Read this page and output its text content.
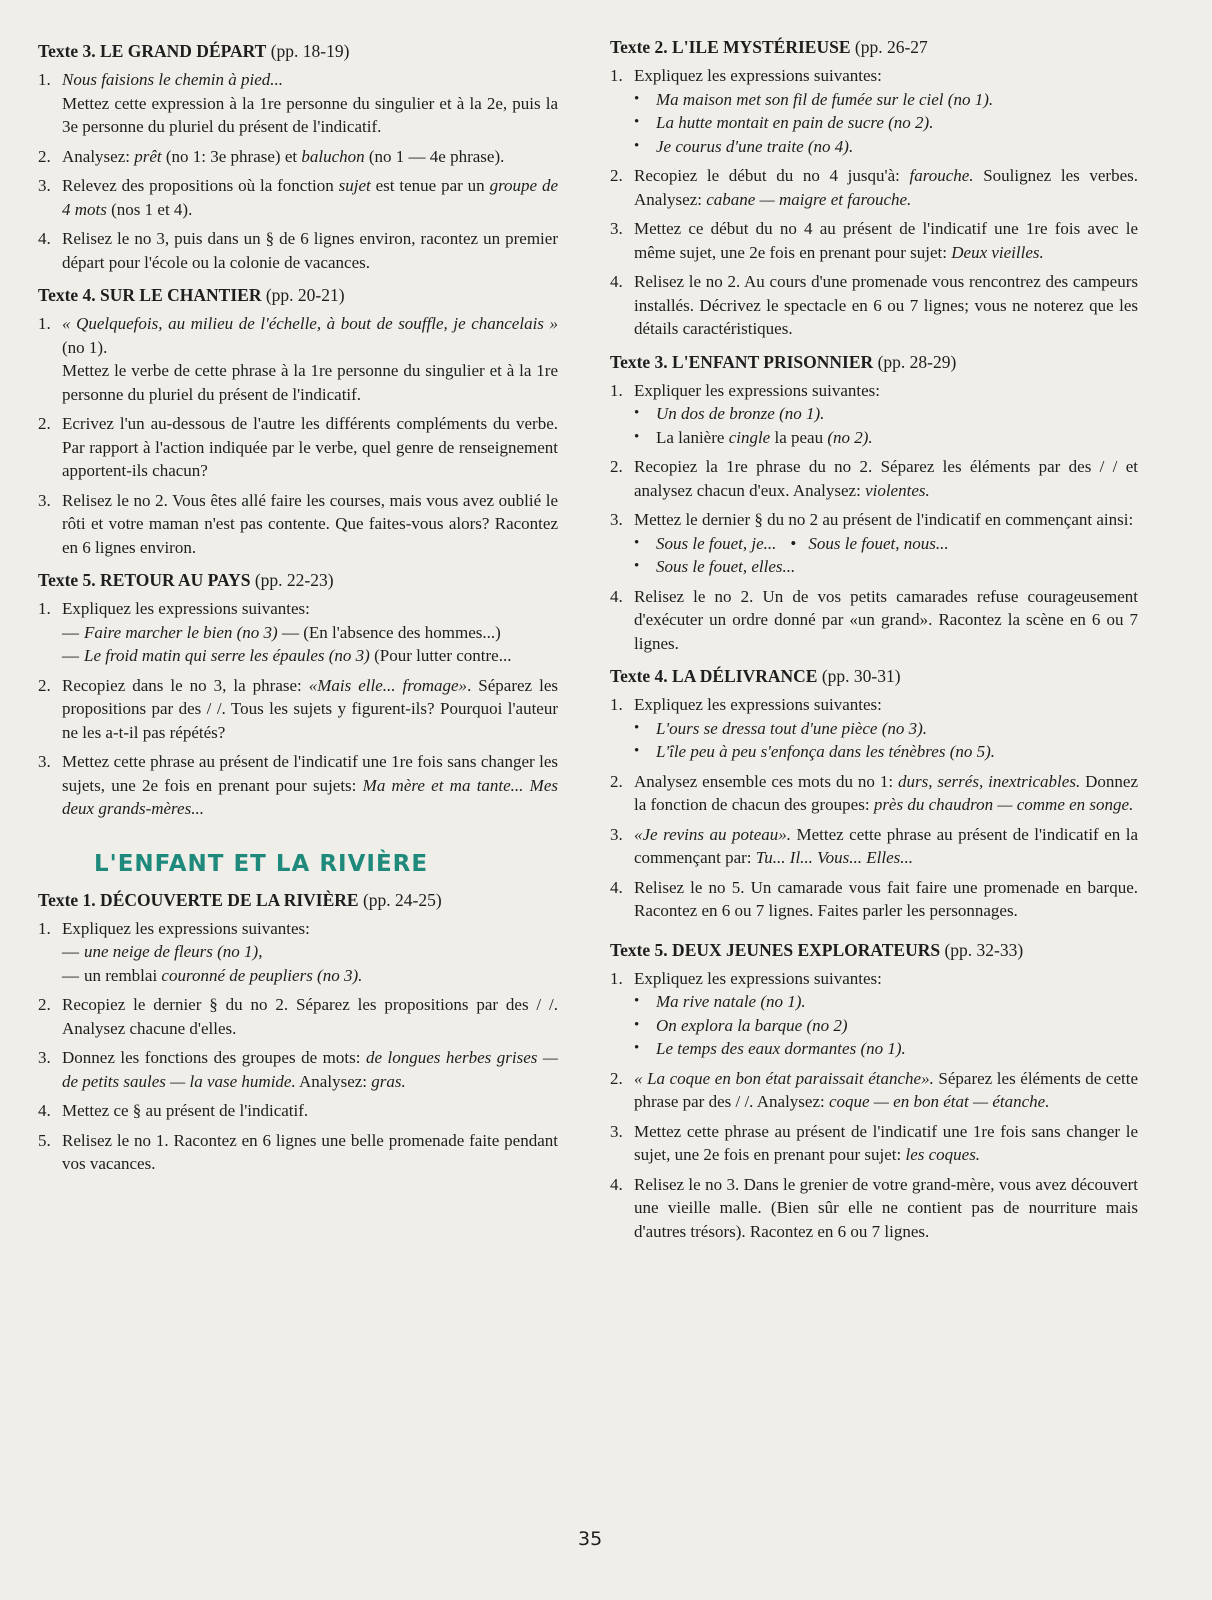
Texte 3. LE GRAND DÉPART (pp. 18-19)
1. Nous faisions le chemin à pied...
Mettez cette expression à la 1re personne du singulier et à la 2e, puis la 3e personne du pluriel du présent de l'indicatif.
2. Analysez: prêt (no 1: 3e phrase) et baluchon (no 1 — 4e phrase).
3. Relevez des propositions où la fonction sujet est tenue par un groupe de 4 mots (nos 1 et 4).
4. Relisez le no 3, puis dans un § de 6 lignes environ, racontez un premier départ pour l'école ou la colonie de vacances.
Texte 4. SUR LE CHANTIER (pp. 20-21)
1. « Quelquefois, au milieu de l'échelle, à bout de souffle, je chancelais » (no 1).
Mettez le verbe de cette phrase à la 1re personne du singulier et à la 1re personne du pluriel du présent de l'indicatif.
2. Ecrivez l'un au-dessous de l'autre les différents compléments du verbe. Par rapport à l'action indiquée par le verbe, quel genre de renseignement apportent-ils chacun?
3. Relisez le no 2. Vous êtes allé faire les courses, mais vous avez oublié le rôti et votre maman n'est pas contente. Que faites-vous alors? Racontez en 6 lignes environ.
Texte 5. RETOUR AU PAYS (pp. 22-23)
1. Expliquez les expressions suivantes:
— Faire marcher le bien (no 3) — (En l'absence des hommes...)
— Le froid matin qui serre les épaules (no 3) (Pour lutter contre...
2. Recopiez dans le no 3, la phrase: «Mais elle... fromage». Séparez les propositions par des / /. Tous les sujets y figurent-ils? Pourquoi l'auteur ne les a-t-il pas répétés?
3. Mettez cette phrase au présent de l'indicatif une 1re fois sans changer les sujets, une 2e fois en prenant pour sujets: Ma mère et ma tante... Mes deux grands-mères...
L'ENFANT ET LA RIVIÈRE
Texte 1. DÉCOUVERTE DE LA RIVIÈRE (pp. 24-25)
1. Expliquez les expressions suivantes:
— une neige de fleurs (no 1),
— un remblai couronné de peupliers (no 3).
2. Recopiez le dernier § du no 2. Séparez les propositions par des / /. Analysez chacune d'elles.
3. Donnez les fonctions des groupes de mots: de longues herbes grises — de petits saules — la vase humide. Analysez: gras.
4. Mettez ce § au présent de l'indicatif.
5. Relisez le no 1. Racontez en 6 lignes une belle promenade faite pendant vos vacances.
Texte 2. L'ILE MYSTÉRIEUSE (pp. 26-27
1. Expliquez les expressions suivantes:
• Ma maison met son fil de fumée sur le ciel (no 1).
• La hutte montait en pain de sucre (no 2).
• Je courus d'une traite (no 4).
2. Recopiez le début du no 4 jusqu'à: farouche. Soulignez les verbes. Analysez: cabane — maigre et farouche.
3. Mettez ce début du no 4 au présent de l'indicatif une 1re fois avec le même sujet, une 2e fois en prenant pour sujet: Deux vieilles.
4. Relisez le no 2. Au cours d'une promenade vous rencontrez des campeurs installés. Décrivez le spectacle en 6 ou 7 lignes; vous ne noterez que les détails caractéristiques.
Texte 3. L'ENFANT PRISONNIER (pp. 28-29)
1. Expliquer les expressions suivantes:
• Un dos de bronze (no 1).
• La lanière cingle la peau (no 2).
2. Recopiez la 1re phrase du no 2. Séparez les éléments par des / / et analysez chacun d'eux. Analysez: violentes.
3. Mettez le dernier § du no 2 au présent de l'indicatif en commençant ainsi:
• Sous le fouet, je... • Sous le fouet, nous...
• Sous le fouet, elles...
4. Relisez le no 2. Un de vos petits camarades refuse courageusement d'exécuter un ordre donné par «un grand». Racontez la scène en 6 ou 7 lignes.
Texte 4. LA DÉLIVRANCE (pp. 30-31)
1. Expliquez les expressions suivantes:
• L'ours se dressa tout d'une pièce (no 3).
• L'île peu à peu s'enfonça dans les ténèbres (no 5).
2. Analysez ensemble ces mots du no 1: durs, serrés, inextricables. Donnez la fonction de chacun des groupes: près du chaudron — comme en songe.
3. «Je revins au poteau». Mettez cette phrase au présent de l'indicatif en la commençant par: Tu... Il... Vous... Elles...
4. Relisez le no 5. Un camarade vous fait faire une promenade en barque. Racontez en 6 ou 7 lignes. Faites parler les personnages.
Texte 5. DEUX JEUNES EXPLORATEURS (pp. 32-33)
1. Expliquez les expressions suivantes:
• Ma rive natale (no 1).
• On explora la barque (no 2)
• Le temps des eaux dormantes (no 1).
2. « La coque en bon état paraissait étanche». Séparez les éléments de cette phrase par des / /. Analysez: coque — en bon état — étanche.
3. Mettez cette phrase au présent de l'indicatif une 1re fois sans changer le sujet, une 2e fois en prenant pour sujet: les coques.
4. Relisez le no 3. Dans le grenier de votre grand-mère, vous avez découvert une vieille malle. (Bien sûr elle ne contient pas de nourriture mais d'autres trésors). Racontez en 6 ou 7 lignes.
35
